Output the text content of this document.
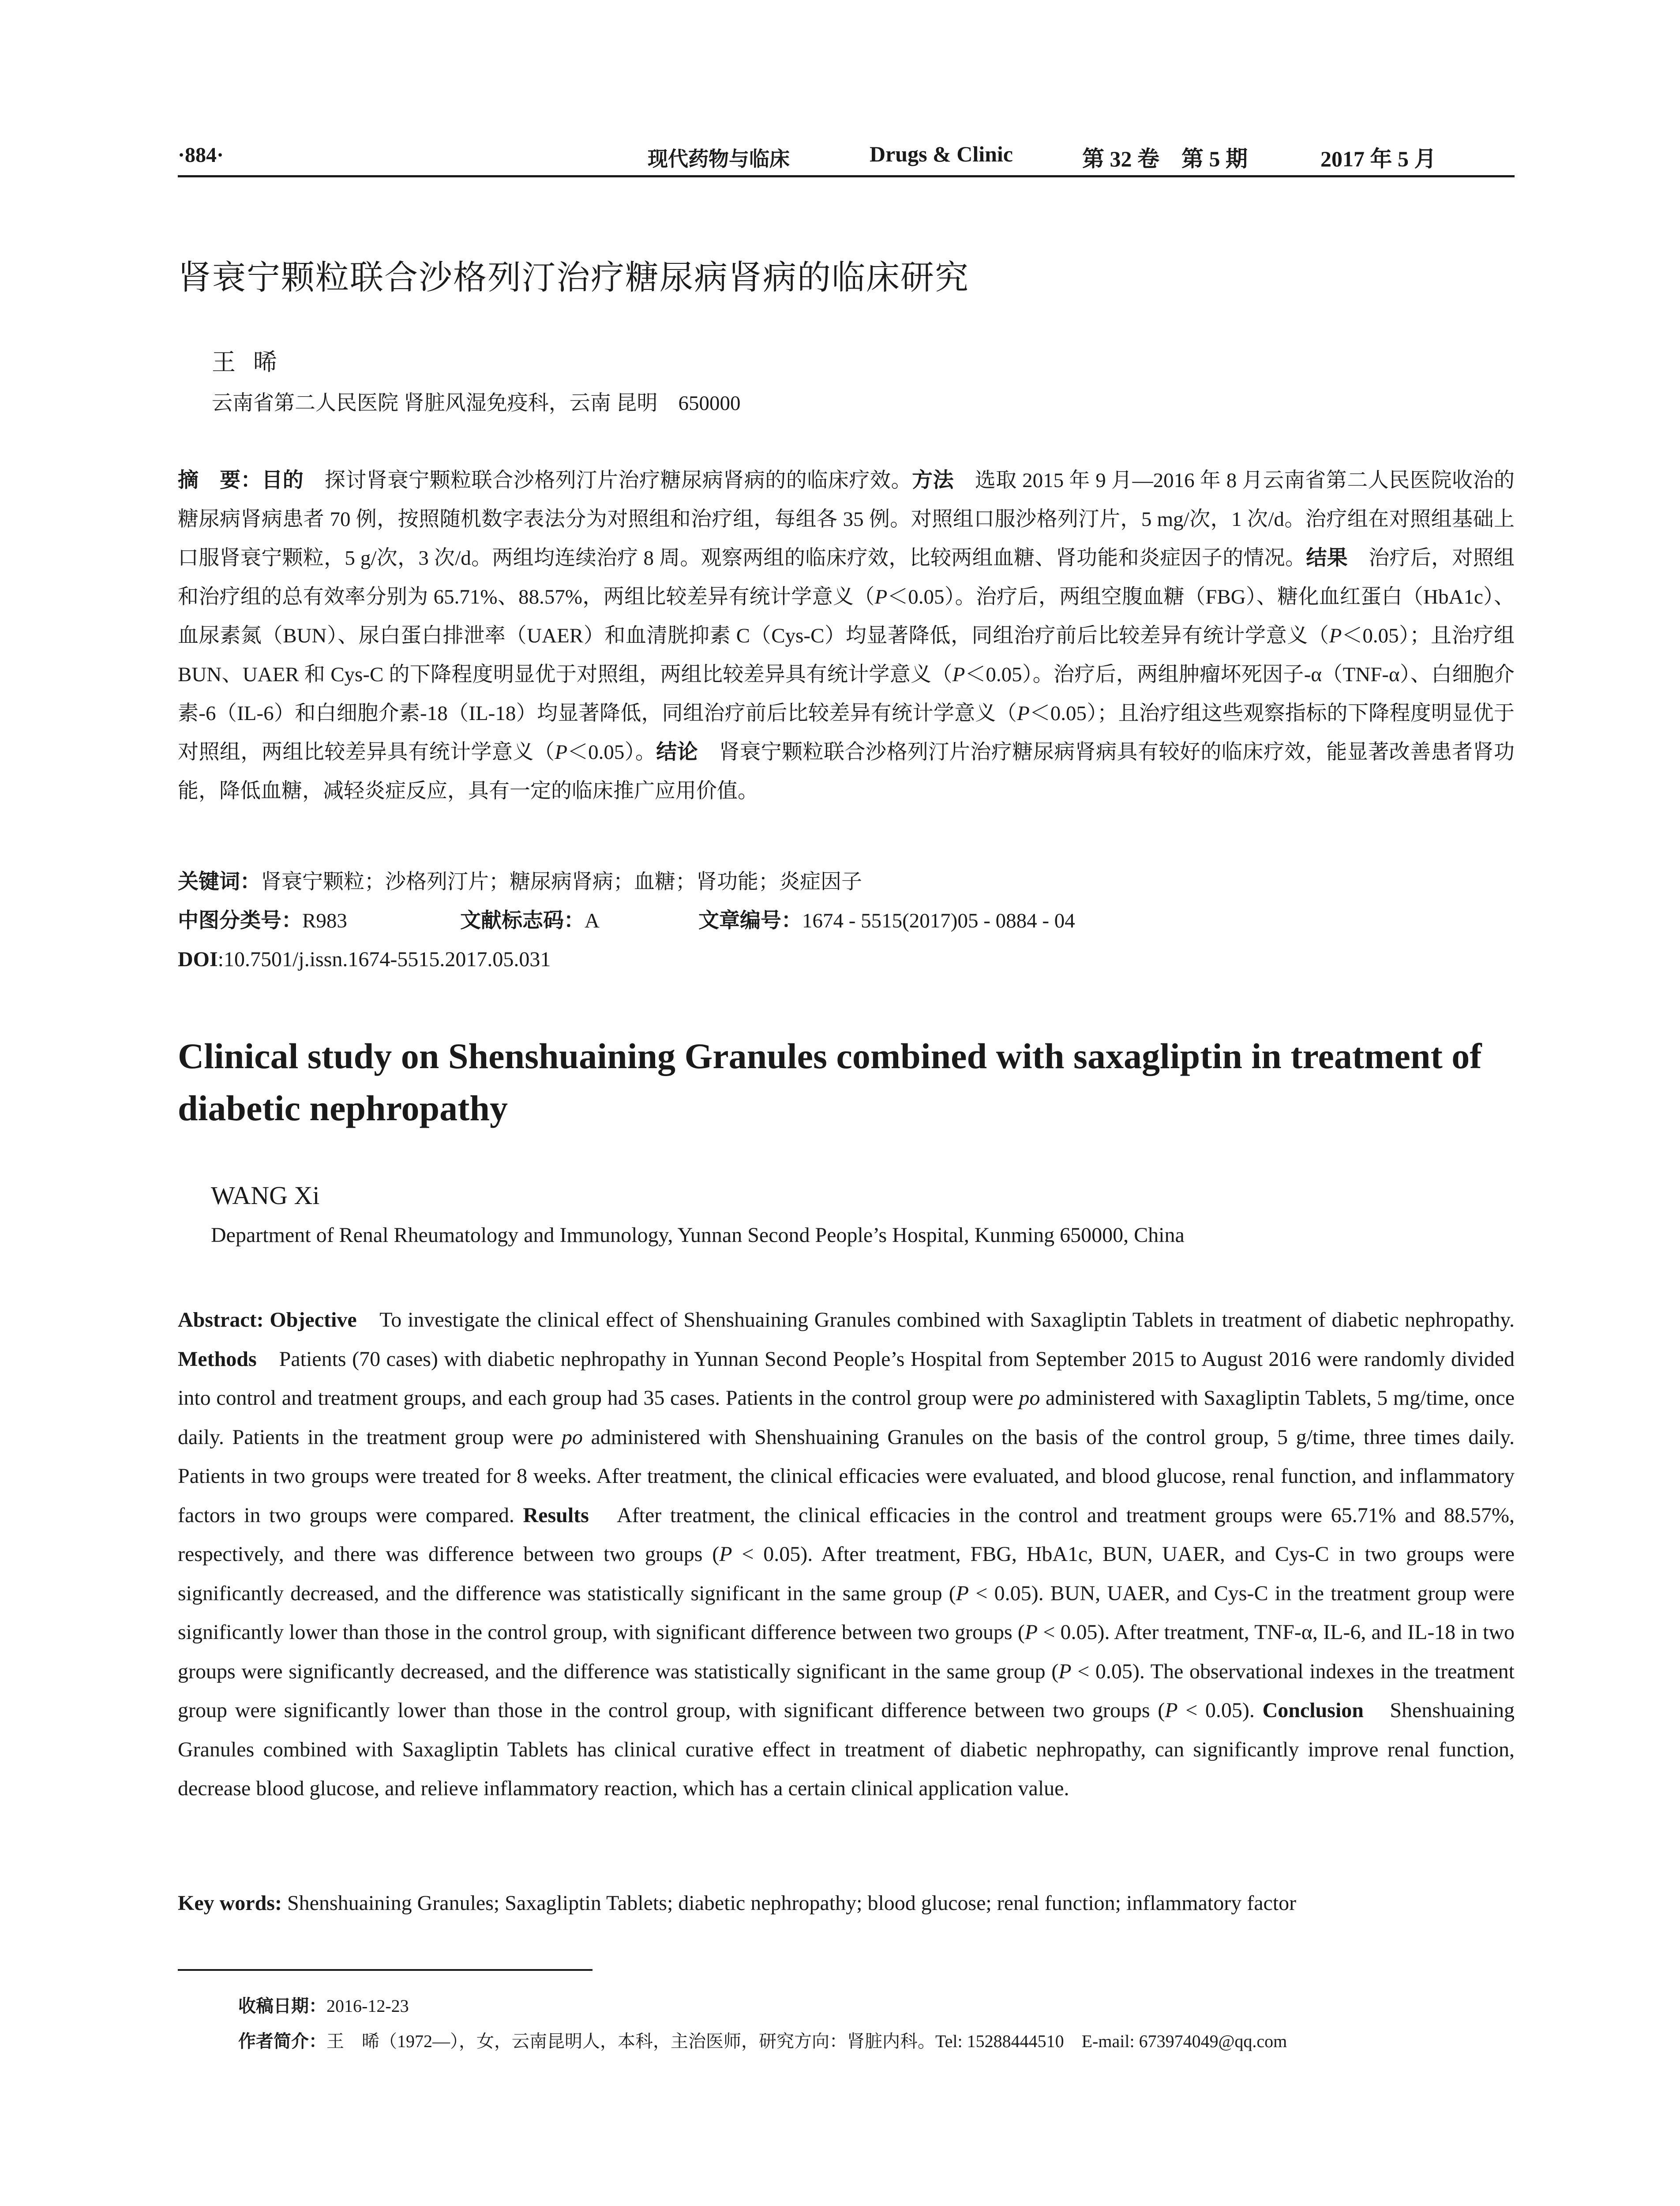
·884·	现代药物与临床	Drugs & Clinic	第 32 卷　第 5 期	2017 年 5 月
肾衰宁颗粒联合沙格列汀治疗糖尿病肾病的临床研究
王晞
云南省第二人民医院 肾脏风湿免疫科，云南 昆明　650000
摘　要：目的　探讨肾衰宁颗粒联合沙格列汀片治疗糖尿病肾病的的临床疗效。方法　选取 2015 年 9 月—2016 年 8 月云南省第二人民医院收治的糖尿病肾病患者 70 例，按照随机数字表法分为对照组和治疗组，每组各 35 例。对照组口服沙格列汀片，5 mg/次，1 次/d。治疗组在对照组基础上口服肾衰宁颗粒，5 g/次，3 次/d。两组均连续治疗 8 周。观察两组的临床疗效，比较两组血糖、肾功能和炎症因子的情况。结果　治疗后，对照组和治疗组的总有效率分别为 65.71%、88.57%，两组比较差异有统计学意义（P＜0.05）。治疗后，两组空腹血糖（FBG）、糖化血红蛋白（HbA1c）、血尿素氮（BUN）、尿白蛋白排泄率（UAER）和血清胱抑素 C（Cys-C）均显著降低，同组治疗前后比较差异有统计学意义（P＜0.05）；且治疗组 BUN、UAER 和 Cys-C 的下降程度明显优于对照组，两组比较差异具有统计学意义（P＜0.05）。治疗后，两组肿瘤坏死因子-α（TNF-α）、白细胞介素-6（IL-6）和白细胞介素-18（IL-18）均显著降低，同组治疗前后比较差异有统计学意义（P＜0.05）；且治疗组这些观察指标的下降程度明显优于对照组，两组比较差异具有统计学意义（P＜0.05）。结论　肾衰宁颗粒联合沙格列汀片治疗糖尿病肾病具有较好的临床疗效，能显著改善患者肾功能，降低血糖，减轻炎症反应，具有一定的临床推广应用价值。
关键词：肾衰宁颗粒；沙格列汀片；糖尿病肾病；血糖；肾功能；炎症因子
中图分类号：R983	文献标志码：A	文章编号：1674 - 5515(2017)05 - 0884 - 04
DOI:10.7501/j.issn.1674-5515.2017.05.031
Clinical study on Shenshuaining Granules combined with saxagliptin in treatment of diabetic nephropathy
WANG Xi
Department of Renal Rheumatology and Immunology, Yunnan Second People’s Hospital, Kunming 650000, China
Abstract: Objective　To investigate the clinical effect of Shenshuaining Granules combined with Saxagliptin Tablets in treatment of diabetic nephropathy. Methods　Patients (70 cases) with diabetic nephropathy in Yunnan Second People’s Hospital from September 2015 to August 2016 were randomly divided into control and treatment groups, and each group had 35 cases. Patients in the control group were po administered with Saxagliptin Tablets, 5 mg/time, once daily. Patients in the treatment group were po administered with Shenshuaining Granules on the basis of the control group, 5 g/time, three times daily. Patients in two groups were treated for 8 weeks. After treatment, the clinical efficacies were evaluated, and blood glucose, renal function, and inflammatory factors in two groups were compared. Results　After treatment, the clinical efficacies in the control and treatment groups were 65.71% and 88.57%, respectively, and there was difference between two groups (P < 0.05). After treatment, FBG, HbA1c, BUN, UAER, and Cys-C in two groups were significantly decreased, and the difference was statistically significant in the same group (P < 0.05). BUN, UAER, and Cys-C in the treatment group were significantly lower than those in the control group, with significant difference between two groups (P < 0.05). After treatment, TNF-α, IL-6, and IL-18 in two groups were significantly decreased, and the difference was statistically significant in the same group (P < 0.05). The observational indexes in the treatment group were significantly lower than those in the control group, with significant difference between two groups (P < 0.05). Conclusion　Shenshuaining Granules combined with Saxagliptin Tablets has clinical curative effect in treatment of diabetic nephropathy, can significantly improve renal function, decrease blood glucose, and relieve inflammatory reaction, which has a certain clinical application value.
Key words: Shenshuaining Granules; Saxagliptin Tablets; diabetic nephropathy; blood glucose; renal function; inflammatory factor
收稿日期：2016-12-23
作者简介：王　晞（1972—），女，云南昆明人，本科，主治医师，研究方向：肾脏内科。Tel: 15288444510　E-mail: 673974049@qq.com
